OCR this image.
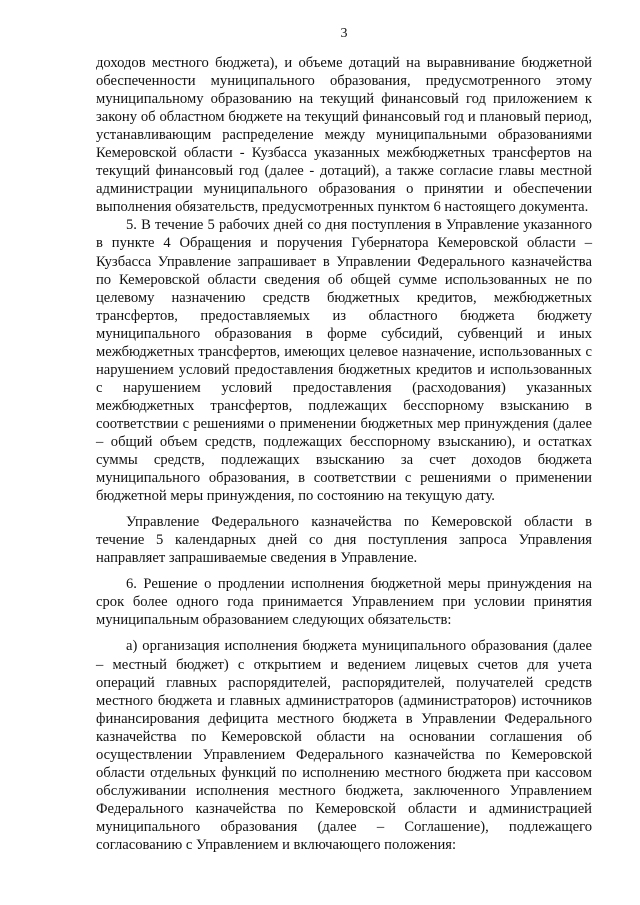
3

доходов местного бюджета), и объеме дотаций на выравнивание бюджетной обеспеченности муниципального образования, предусмотренного этому муниципальному образованию на текущий финансовый год приложением к закону об областном бюджете на текущий финансовый год и плановый период, устанавливающим распределение между муниципальными образованиями Кемеровской области - Кузбасса указанных межбюджетных трансфертов на текущий финансовый год (далее - дотаций), а также согласие главы местной администрации муниципального образования о принятии и обеспечении выполнения обязательств, предусмотренных пунктом 6 настоящего документа.

5. В течение 5 рабочих дней со дня поступления в Управление указанного в пункте 4 Обращения и поручения Губернатора Кемеровской области – Кузбасса Управление запрашивает в Управлении Федерального казначейства по Кемеровской области сведения об общей сумме использованных не по целевому назначению средств бюджетных кредитов, межбюджетных трансфертов, предоставляемых из областного бюджета бюджету муниципального образования в форме субсидий, субвенций и иных межбюджетных трансфертов, имеющих целевое назначение, использованных с нарушением условий предоставления бюджетных кредитов и использованных с нарушением условий предоставления (расходования) указанных межбюджетных трансфертов, подлежащих бесспорному взысканию в соответствии с решениями о применении бюджетных мер принуждения (далее – общий объем средств, подлежащих бесспорному взысканию), и остатках суммы средств, подлежащих взысканию за счет доходов бюджета муниципального образования, в соответствии с решениями о применении бюджетной меры принуждения, по состоянию на текущую дату.

Управление Федерального казначейства по Кемеровской области в течение 5 календарных дней со дня поступления запроса Управления направляет запрашиваемые сведения в Управление.

6. Решение о продлении исполнения бюджетной меры принуждения на срок более одного года принимается Управлением при условии принятия муниципальным образованием следующих обязательств:

а) организация исполнения бюджета муниципального образования (далее – местный бюджет) с открытием и ведением лицевых счетов для учета операций главных распорядителей, распорядителей, получателей средств местного бюджета и главных администраторов (администраторов) источников финансирования дефицита местного бюджета в Управлении Федерального казначейства по Кемеровской области на основании соглашения об осуществлении Управлением Федерального казначейства по Кемеровской области отдельных функций по исполнению местного бюджета при кассовом обслуживании исполнения местного бюджета, заключенного Управлением Федерального казначейства по Кемеровской области и администрацией муниципального образования (далее – Соглашение), подлежащего согласованию с Управлением и включающего положения:
